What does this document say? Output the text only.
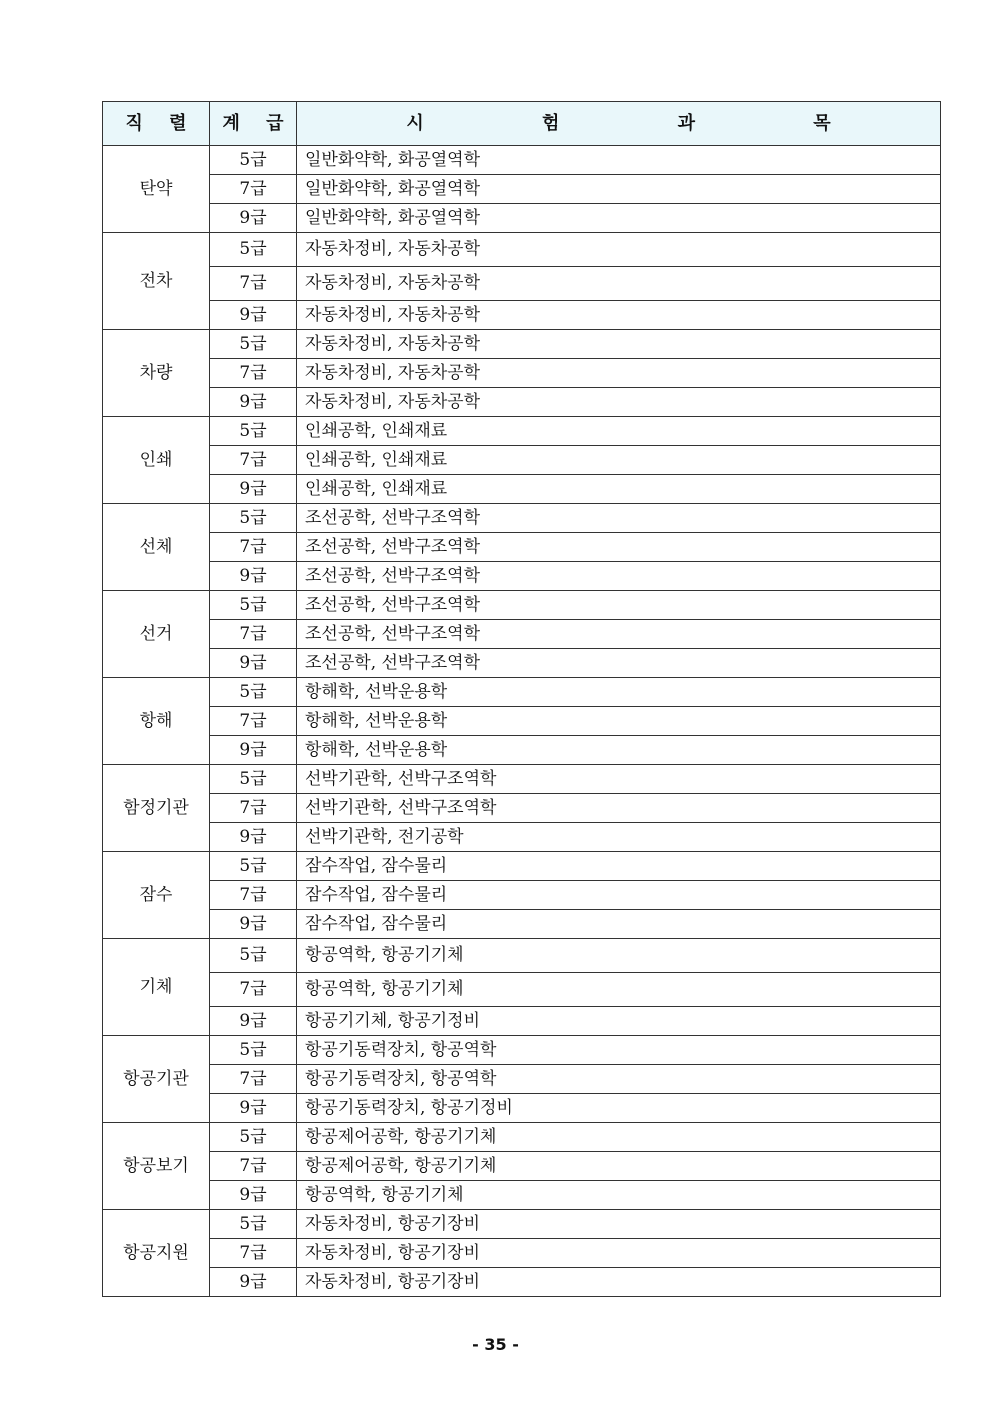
직 렬	계 급	시 험 과 목
탄약	5급	일반화약학, 화공열역학
	7급	일반화약학, 화공열역학
	9급	일반화약학, 화공열역학
전차	5급	자동차정비, 자동차공학
	7급	자동차정비, 자동차공학
	9급	자동차정비, 자동차공학
차량	5급	자동차정비, 자동차공학
	7급	자동차정비, 자동차공학
	9급	자동차정비, 자동차공학
인쇄	5급	인쇄공학, 인쇄재료
	7급	인쇄공학, 인쇄재료
	9급	인쇄공학, 인쇄재료
선체	5급	조선공학, 선박구조역학
	7급	조선공학, 선박구조역학
	9급	조선공학, 선박구조역학
선거	5급	조선공학, 선박구조역학
	7급	조선공학, 선박구조역학
	9급	조선공학, 선박구조역학
항해	5급	항해학, 선박운용학
	7급	항해학, 선박운용학
	9급	항해학, 선박운용학
함정기관	5급	선박기관학, 선박구조역학
	7급	선박기관학, 선박구조역학
	9급	선박기관학, 전기공학
잠수	5급	잠수작업, 잠수물리
	7급	잠수작업, 잠수물리
	9급	잠수작업, 잠수물리
기체	5급	항공역학, 항공기기체
	7급	항공역학, 항공기기체
	9급	항공기기체, 항공기정비
항공기관	5급	항공기동력장치, 항공역학
	7급	항공기동력장치, 항공역학
	9급	항공기동력장치, 항공기정비
항공보기	5급	항공제어공학, 항공기기체
	7급	항공제어공학, 항공기기체
	9급	항공역학, 항공기기체
항공지원	5급	자동차정비, 항공기장비
	7급	자동차정비, 항공기장비
	9급	자동차정비, 항공기장비
- 35 -
